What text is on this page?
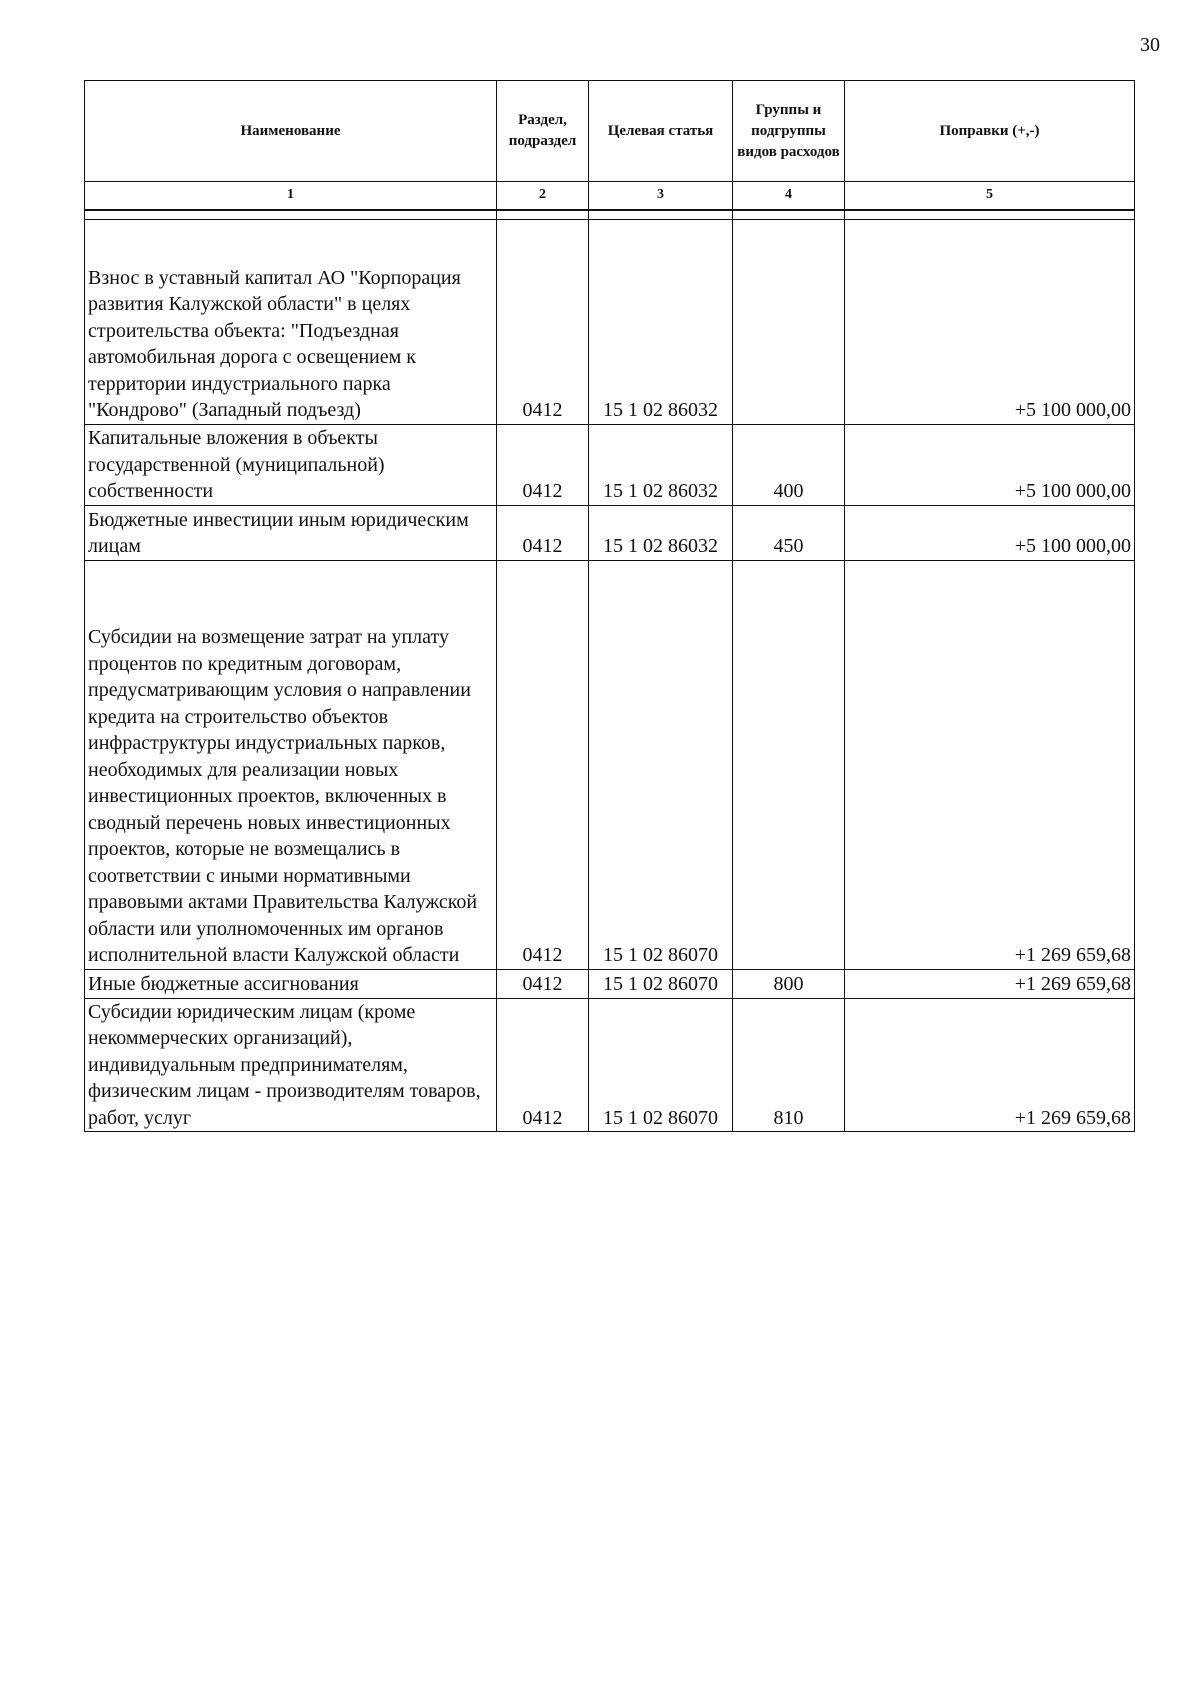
30
Наименование	Раздел, подраздел	Целевая статья	Группы и подгруппы видов расходов	Поправки (+,-)
1	2	3	4	5

Взнос в уставный капитал АО "Корпорация развития Калужской области" в целях строительства объекта: "Подъездная автомобильная дорога с освещением к территории индустриального парка "Кондрово" (Западный подъезд)	0412	15 1 02 86032		+5 100 000,00
Капитальные вложения в объекты государственной (муниципальной) собственности	0412	15 1 02 86032	400	+5 100 000,00
Бюджетные инвестиции иным юридическим лицам	0412	15 1 02 86032	450	+5 100 000,00
Субсидии на возмещение затрат на уплату процентов по кредитным договорам, предусматривающим условия о направлении кредита на строительство объектов инфраструктуры индустриальных парков, необходимых для реализации новых инвестиционных проектов, включенных в сводный перечень новых инвестиционных проектов, которые не возмещались в соответствии с иными нормативными правовыми актами Правительства Калужской области или уполномоченных им органов исполнительной власти Калужской области	0412	15 1 02 86070		+1 269 659,68
Иные бюджетные ассигнования	0412	15 1 02 86070	800	+1 269 659,68
Субсидии юридическим лицам (кроме некоммерческих организаций), индивидуальным предпринимателям, физическим лицам - производителям товаров, работ, услуг	0412	15 1 02 86070	810	+1 269 659,68
